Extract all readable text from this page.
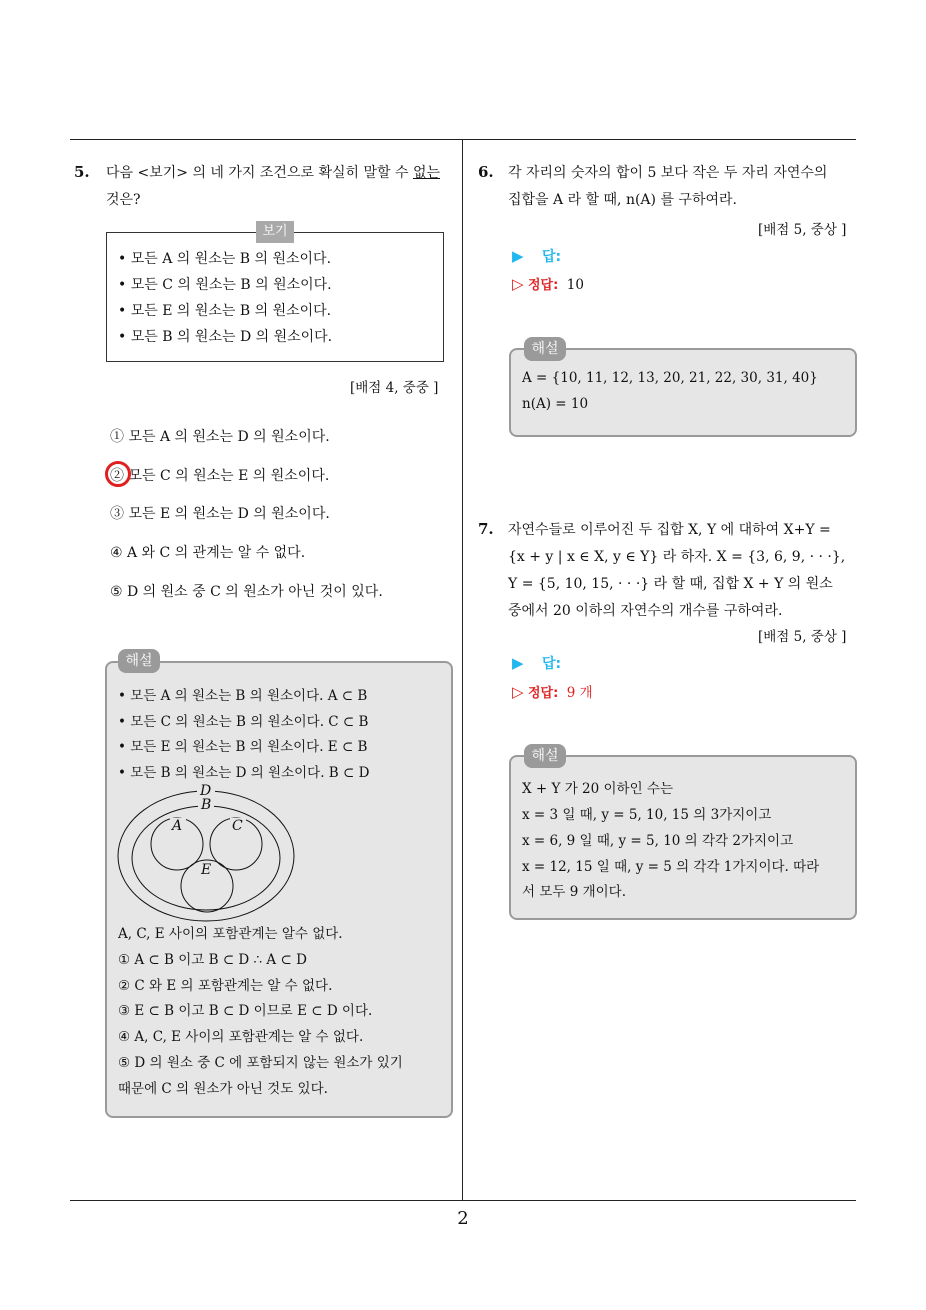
5. 다음 <보기> 의 네 가지 조건으로 확실히 말할 수 없는
것은?
보기
• 모든 A 의 원소는 B 의 원소이다.
• 모든 C 의 원소는 B 의 원소이다.
• 모든 E 의 원소는 B 의 원소이다.
• 모든 B 의 원소는 D 의 원소이다.
[배점 4, 중중 ]
① 모든 A 의 원소는 D 의 원소이다.
② 모든 C 의 원소는 E 의 원소이다.
③ 모든 E 의 원소는 D 의 원소이다.
④ A 와 C 의 관계는 알 수 없다.
⑤ D 의 원소 중 C 의 원소가 아닌 것이 있다.
해설
• 모든 A 의 원소는 B 의 원소이다. A ⊂ B
• 모든 C 의 원소는 B 의 원소이다. C ⊂ B
• 모든 E 의 원소는 B 의 원소이다. E ⊂ B
• 모든 B 의 원소는 D 의 원소이다. B ⊂ D
D
B
A	C
E
A, C, E 사이의 포함관계는 알수 없다.
① A ⊂ B 이고 B ⊂ D ∴ A ⊂ D
② C 와 E 의 포함관계는 알 수 없다.
③ E ⊂ B 이고 B ⊂ D 이므로 E ⊂ D 이다.
④ A, C, E 사이의 포함관계는 알 수 없다.
⑤ D 의 원소 중 C 에 포함되지 않는 원소가 있기
때문에 C 의 원소가 아닌 것도 있다.
6. 각 자리의 숫자의 합이 5 보다 작은 두 자리 자연수의
집합을 A 라 할 때, n(A) 를 구하여라.
[배점 5, 중상 ]
▶ 답:
▷ 정답: 10
해설
A = {10, 11, 12, 13, 20, 21, 22, 30, 31, 40}
n(A) = 10
7. 자연수들로 이루어진 두 집합 X, Y 에 대하여 X+Y =
{x + y | x ∈ X, y ∈ Y} 라 하자. X = {3, 6, 9, · · ·},
Y = {5, 10, 15, · · ·} 라 할 때, 집합 X + Y 의 원소
중에서 20 이하의 자연수의 개수를 구하여라.
[배점 5, 중상 ]
▶ 답:
▷ 정답: 9 개
해설
X + Y 가 20 이하인 수는
x = 3 일 때, y = 5, 10, 15 의 3가지이고
x = 6, 9 일 때, y = 5, 10 의 각각 2가지이고
x = 12, 15 일 때, y = 5 의 각각 1가지이다. 따라
서 모두 9 개이다.
2
